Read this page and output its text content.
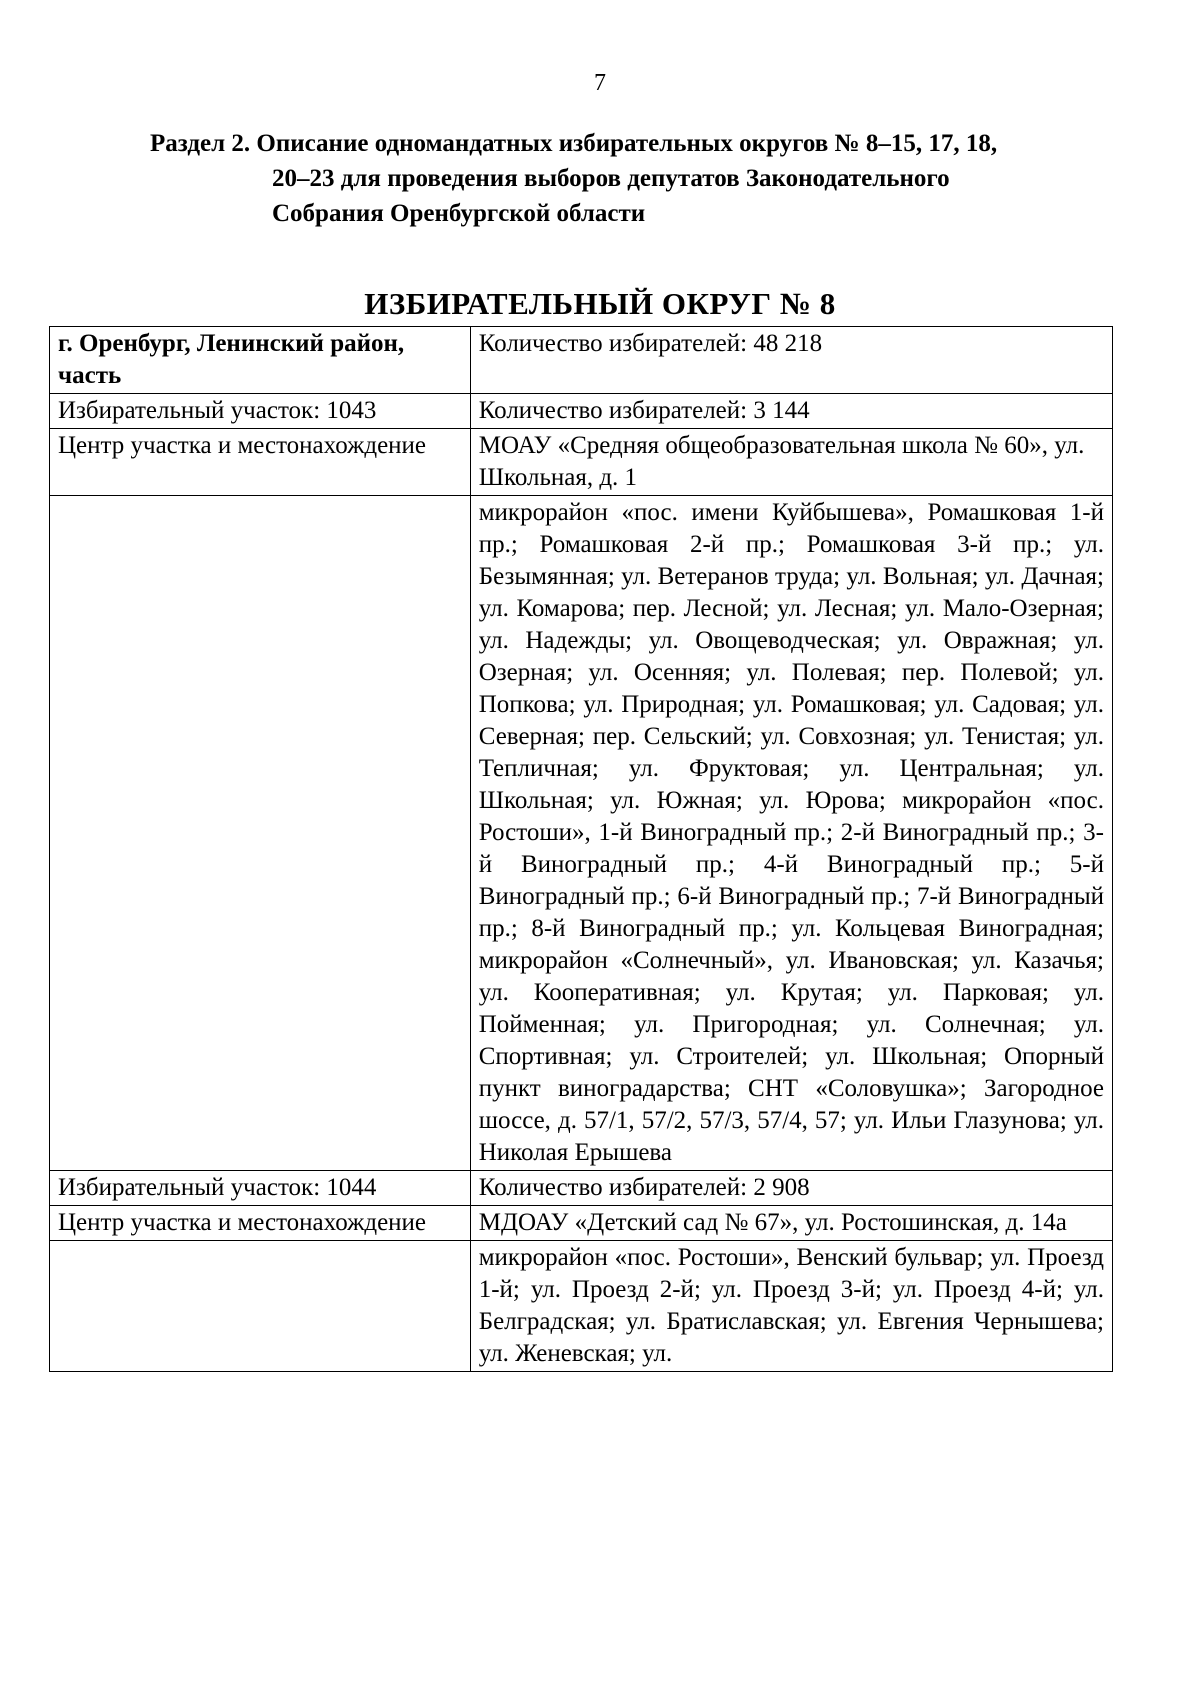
7
Раздел 2. Описание одномандатных избирательных округов № 8–15, 17, 18,
20–23 для проведения выборов депутатов Законодательного
Собрания Оренбургской области
ИЗБИРАТЕЛЬНЫЙ ОКРУГ № 8
г. Оренбург, Ленинский район, часть	Количество избирателей: 48 218
Избирательный участок: 1043	Количество избирателей: 3 144
Центр участка и местонахождение	МОАУ «Средняя общеобразовательная школа № 60», ул. Школьная, д. 1
	микрорайон «пос. имени Куйбышева», Ромашковая 1-й пр.; Ромашковая 2-й пр.; Ромашковая 3-й пр.; ул. Безымянная; ул. Ветеранов труда; ул. Вольная; ул. Дачная; ул. Комарова; пер. Лесной; ул. Лесная; ул. Мало-Озерная; ул. Надежды; ул. Овощеводческая; ул. Овражная; ул. Озерная; ул. Осенняя; ул. Полевая; пер. Полевой; ул. Попкова; ул. Природная; ул. Ромашковая; ул. Садовая; ул. Северная; пер. Сельский; ул. Совхозная; ул. Тенистая; ул. Тепличная; ул. Фруктовая; ул. Центральная; ул. Школьная; ул. Южная; ул. Юрова; микрорайон «пос. Ростоши», 1-й Виноградный пр.; 2-й Виноградный пр.; 3-й Виноградный пр.; 4-й Виноградный пр.; 5-й Виноградный пр.; 6-й Виноградный пр.; 7-й Виноградный пр.; 8-й Виноградный пр.; ул. Кольцевая Виноградная; микрорайон «Солнечный», ул. Ивановская; ул. Казачья; ул. Кооперативная; ул. Крутая; ул. Парковая; ул. Пойменная; ул. Пригородная; ул. Солнечная; ул. Спортивная; ул. Строителей; ул. Школьная; Опорный пункт виноградарства; СНТ «Соловушка»; Загородное шоссе, д. 57/1, 57/2, 57/3, 57/4, 57; ул. Ильи Глазунова; ул. Николая Ерышева
Избирательный участок: 1044	Количество избирателей: 2 908
Центр участка и местонахождение	МДОАУ «Детский сад № 67», ул. Ростошинская, д. 14а
	микрорайон «пос. Ростоши», Венский бульвар; ул. Проезд 1-й; ул. Проезд 2-й; ул. Проезд 3-й; ул. Проезд 4-й; ул. Белградская; ул. Братиславская; ул. Евгения Чернышева; ул. Женевская; ул.
